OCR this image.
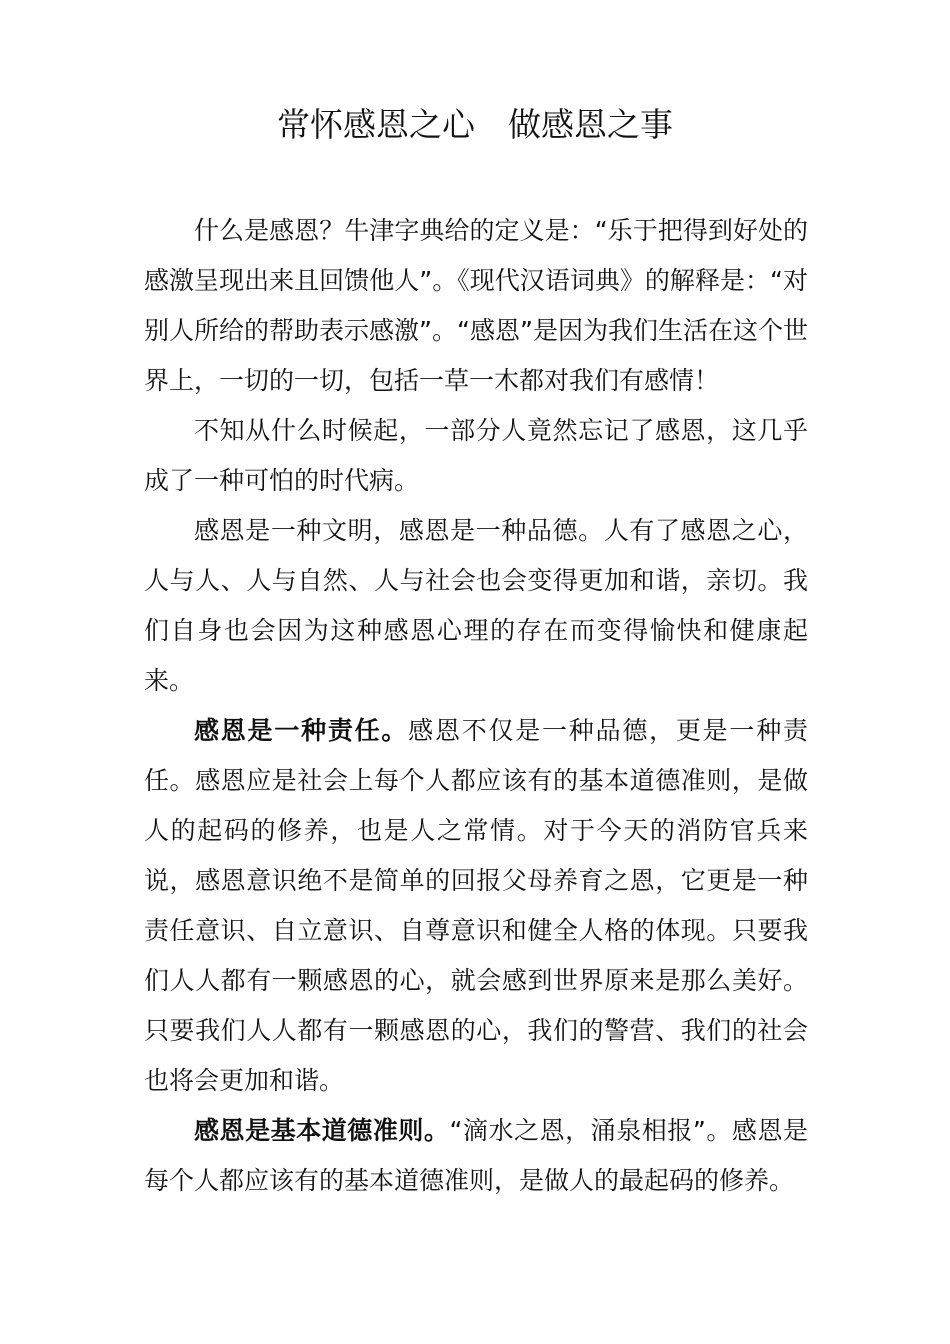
常怀感恩之心　做感恩之事

什么是感恩？牛津字典给的定义是：“乐于把得到好处的感激呈现出来且回馈他人”。《现代汉语词典》的解释是：“对别人所给的帮助表示感激”。“感恩”是因为我们生活在这个世界上，一切的一切，包括一草一木都对我们有感情！

不知从什么时候起，一部分人竟然忘记了感恩，这几乎成了一种可怕的时代病。

感恩是一种文明，感恩是一种品德。人有了感恩之心，人与人、人与自然、人与社会也会变得更加和谐，亲切。我们自身也会因为这种感恩心理的存在而变得愉快和健康起来。

感恩是一种责任。感恩不仅是一种品德，更是一种责任。感恩应是社会上每个人都应该有的基本道德准则，是做人的起码的修养，也是人之常情。对于今天的消防官兵来说，感恩意识绝不是简单的回报父母养育之恩，它更是一种责任意识、自立意识、自尊意识和健全人格的体现。只要我们人人都有一颗感恩的心，就会感到世界原来是那么美好。只要我们人人都有一颗感恩的心，我们的警营、我们的社会也将会更加和谐。

感恩是基本道德准则。“滴水之恩，涌泉相报”。感恩是每个人都应该有的基本道德准则，是做人的最起码的修养。
